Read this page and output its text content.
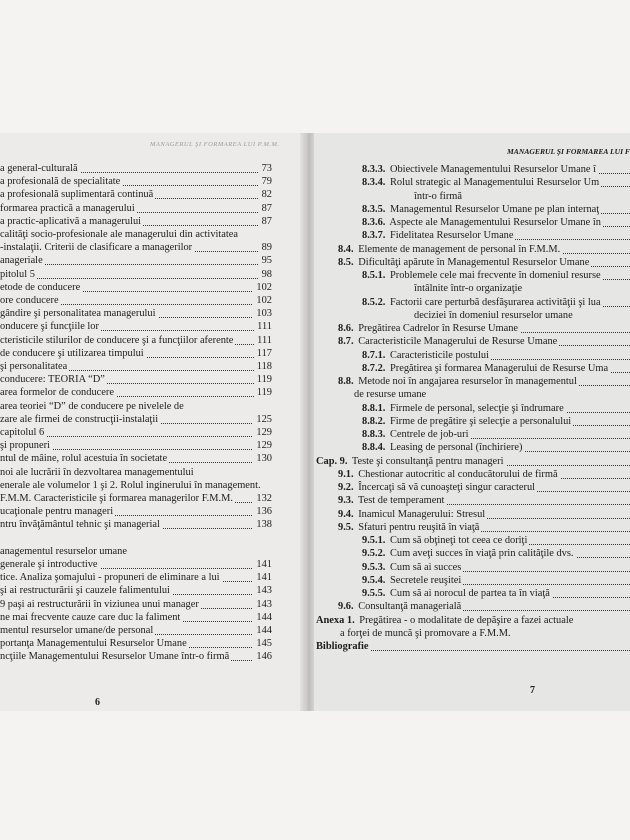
MANAGERUL ŞI FORMAREA LUI P.M.M.
a general-culturală	73
a profesională de specialitate	79
a profesională suplimentară continuă	82
formarea practică a managerului	87
a practic-aplicativă a managerului	87
calităţi socio-profesionale ale managerului din activitatea
-instalaţii. Criterii de clasificare a managerilor	89
anageriale	95
pitolul 5	98
etode de conducere	102
ore conducere	102
gândire şi personalitatea managerului	103
onducere şi funcţiile lor	111
cteristicile stilurilor de conducere şi a funcţiilor aferente 111
de conducere şi utilizarea timpului	117
şi personalitatea	118
conducere: TEORIA “D”	119
area formelor de conducere	119
area teoriei “D” de conducere pe nivelele de
zare ale firmei de construcţii-instalaţii	125
capitolul 6	129
şi propuneri	129
ntul de mâine, rolul acestuia în societate	130
noi ale lucrării în dezvoltarea managementului
enerale ale volumelor 1 şi 2. Rolul inginerului în management.
F.M.M. Caracteristicile şi formarea managerilor F.M.M. 132
ucaţionale pentru manageri	136
ntru învăţământul tehnic şi managerial	138
anagementul resurselor umane
generale şi introductive	141
tice. Analiza şomajului - propuneri de eliminare a lui	141
şi ai restructurării şi cauzele falimentului	143
9 paşi ai restructurării în viziunea unui manager	143
ne mai frecvente cauze care duc la faliment	144
mentul resurselor umane/de personal	144
portanţa Managementului Resurselor Umane	145
ncţiile Managementului Resurselor Umane într-o firmă	146
6
MANAGERUL ŞI FORMAREA LUI F
8.3.3. Obiectivele Managementului Resurselor Umane î
8.3.4. Rolul strategic al Managementului Resurselor Um
într-o firmă
8.3.5. Managementul Resurselor Umane pe plan internaţ
8.3.6. Aspecte ale Managementului Resurselor Umane în
8.3.7. Fidelitatea Resurselor Umane
8.4. Elemente de management de personal în F.M.M.
8.5. Dificultăţi apărute în Managementul Resurselor Umane
8.5.1. Problemele cele mai frecvente în domeniul resurse
întâlnite într-o organizaţie
8.5.2. Factorii care perturbă desfăşurarea activităţii şi lua
deciziei în domeniul resurselor umane
8.6. Pregătirea Cadrelor în Resurse Umane
8.7. Caracteristicile Managerului de Resurse Umane
8.7.1. Caracteristicile postului
8.7.2. Pregătirea şi formarea Managerului de Resurse Uma
8.8. Metode noi în angajarea resurselor în managementul
de resurse umane
8.8.1. Firmele de personal, selecţie şi îndrumare
8.8.2. Firme de pregătire şi selecţie a personalului
8.8.3. Centrele de job-uri
8.8.4. Leasing de personal (închiriere)
Cap. 9. Teste şi consultanţă pentru manageri
9.1. Chestionar autocritic al conducătorului de firmă
9.2. Încercaţi să vă cunoaşteţi singur caracterul
9.3. Test de temperament
9.4. Inamicul Managerului: Stresul
9.5. Sfaturi pentru reuşită în viaţă
9.5.1. Cum să obţineţi tot ceea ce doriţi
9.5.2. Cum aveţi succes în viaţă prin calităţile dvs.
9.5.3. Cum să ai succes
9.5.4. Secretele reuşitei
9.5.5. Cum să ai norocul de partea ta în viaţă
9.6. Consultanţă managerială
Anexa 1. Pregătirea - o modalitate de depăşire a fazei actuale
a forţei de muncă şi promovare a F.M.M.
Bibliografie
7
